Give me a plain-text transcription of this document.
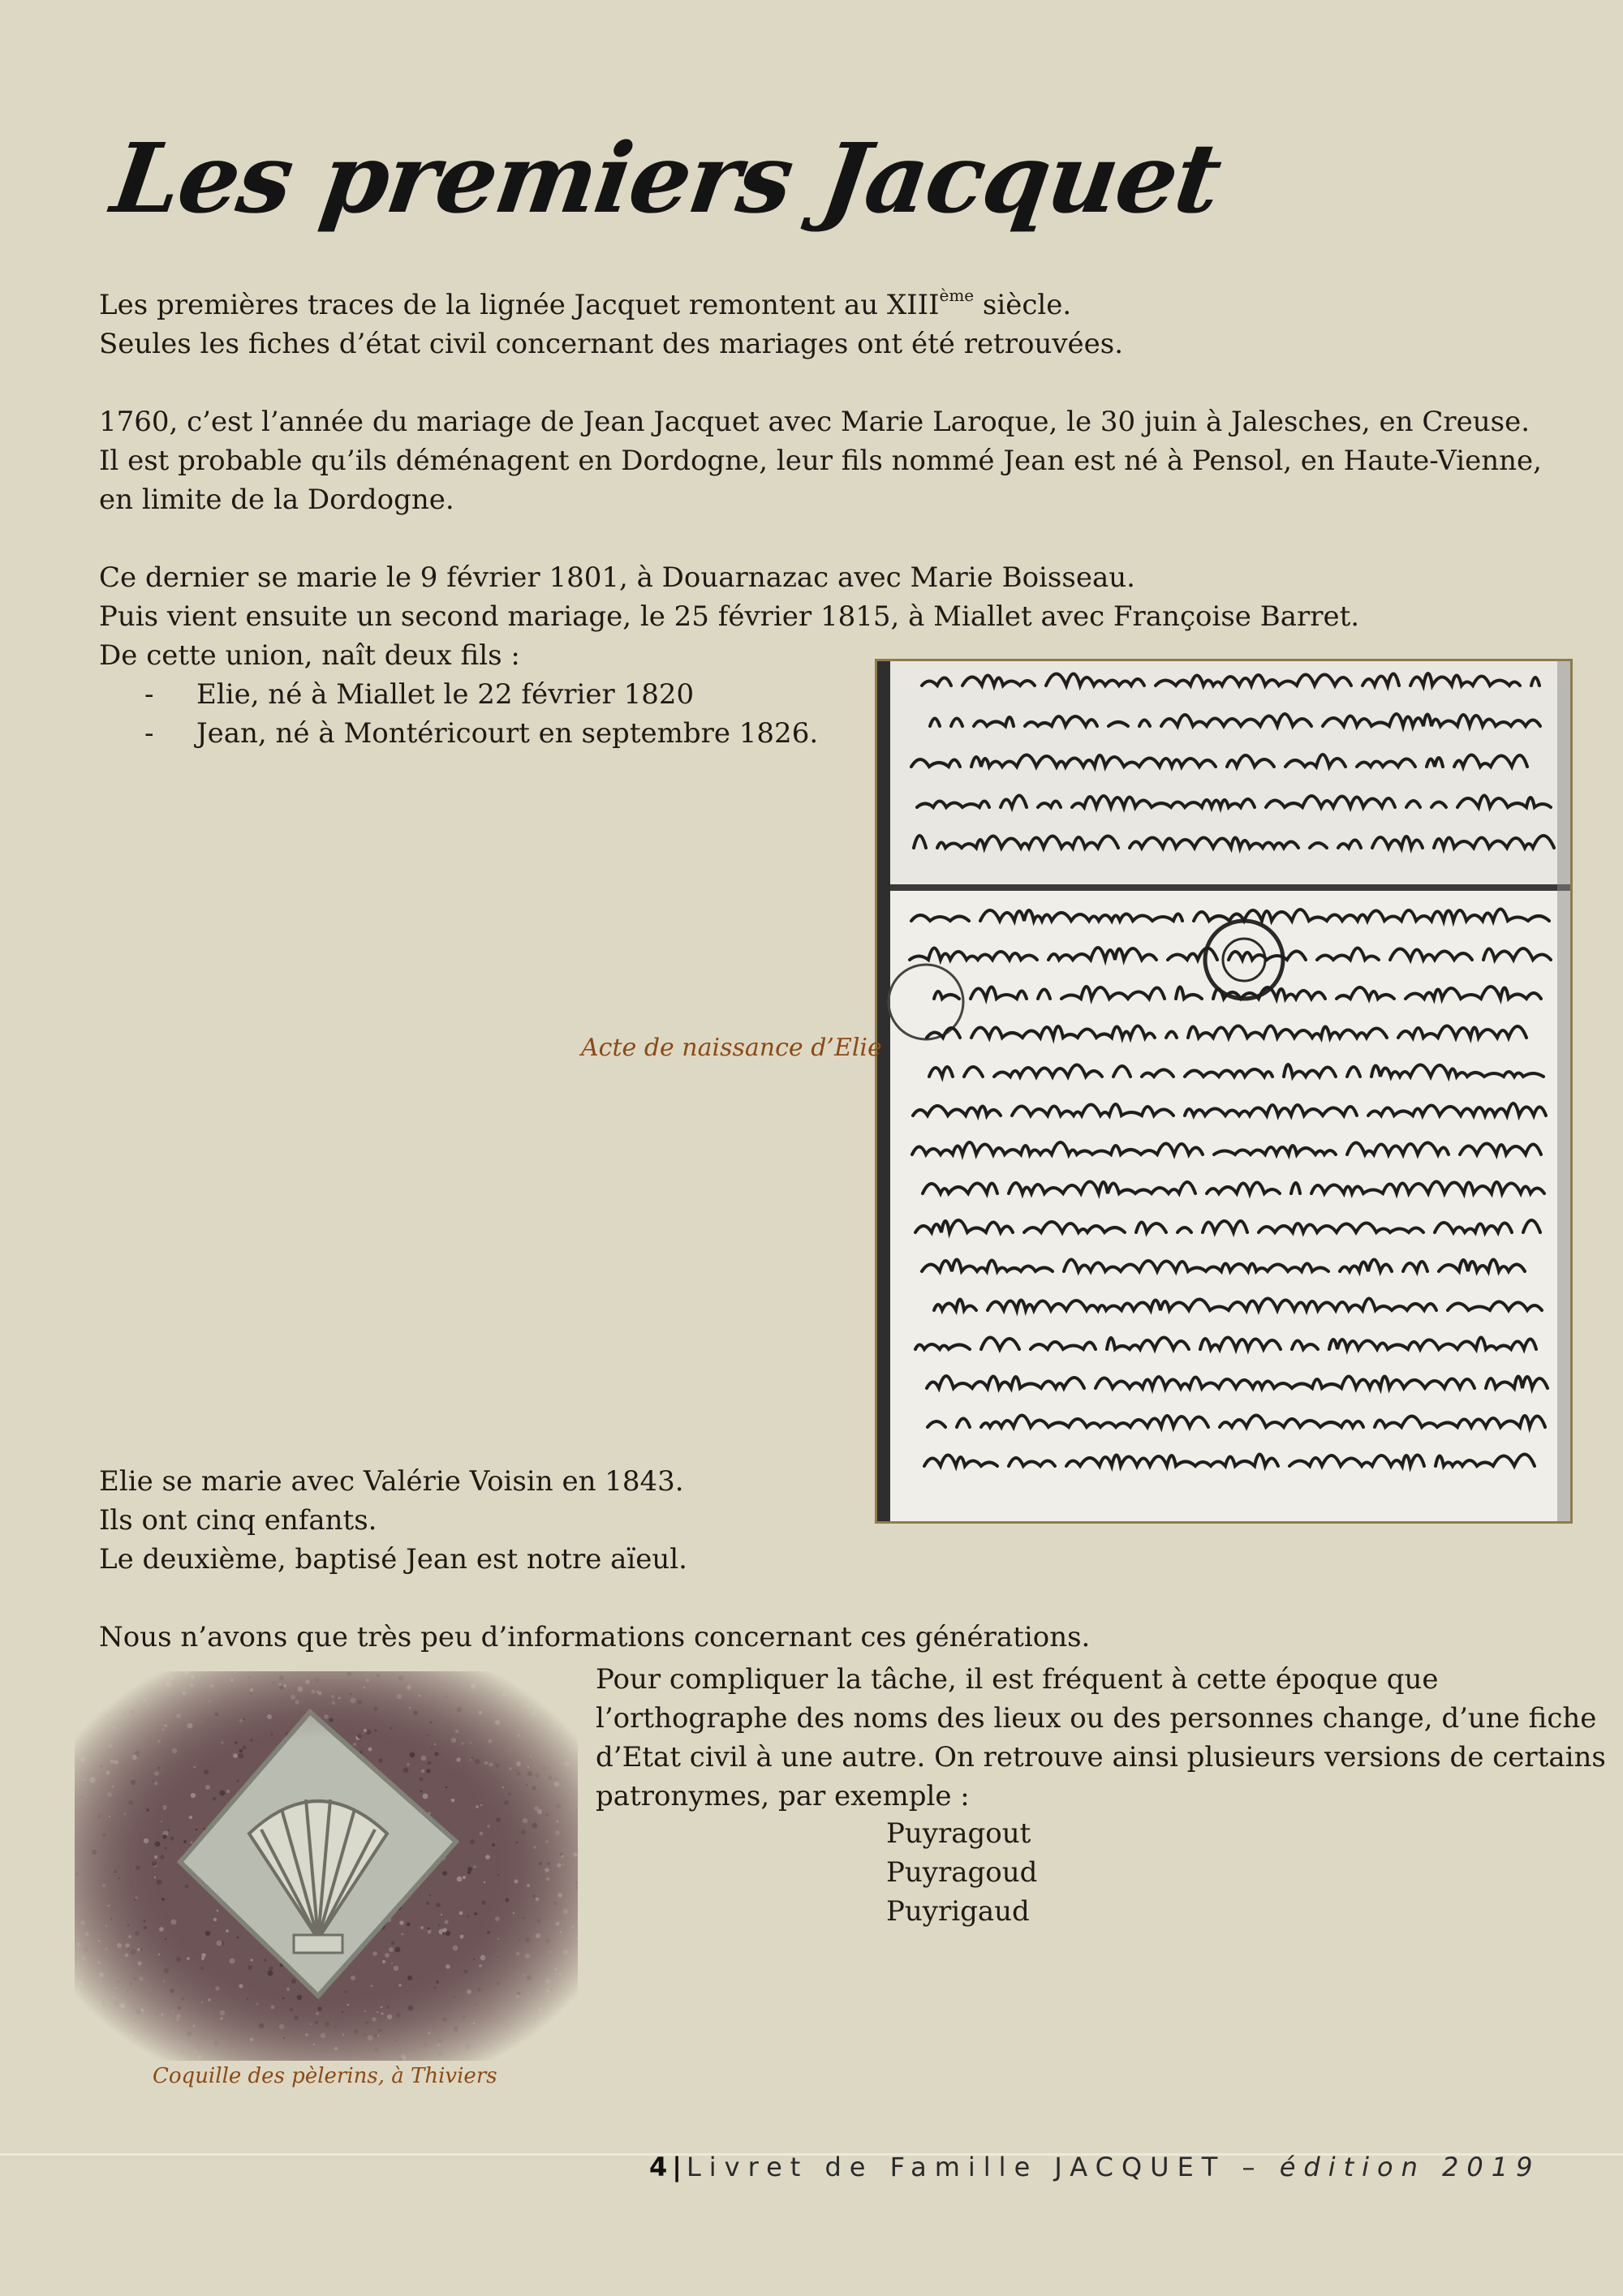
Les premiers Jacquet
Les premières traces de la lignée Jacquet remontent au XIIIème siècle.
Seules les fiches d’état civil concernant des mariages ont été retrouvées.
1760, c’est l’année du mariage de Jean Jacquet avec Marie Laroque, le 30 juin à Jalesches, en Creuse.
Il est probable qu’ils déménagent en Dordogne, leur fils nommé Jean est né à Pensol, en Haute-Vienne,
en limite de la Dordogne.
Ce dernier se marie le 9 février 1801, à Douarnazac avec Marie Boisseau.
Puis vient ensuite un second mariage, le 25 février 1815, à Miallet avec Françoise Barret.
De cette union, naît deux fils :
-	Elie, né à Miallet le 22 février 1820
-	Jean, né à Montéricourt en septembre 1826.
Acte de naissance d’Elie
Elie se marie avec Valérie Voisin en 1843.
Ils ont cinq enfants.
Le deuxième, baptisé Jean est notre aïeul.
Nous n’avons que très peu d’informations concernant ces générations.
Pour compliquer la tâche, il est fréquent à cette époque que
l’orthographe des noms des lieux ou des personnes change, d’une fiche
d’Etat civil à une autre. On retrouve ainsi plusieurs versions de certains
patronymes, par exemple :
Puyragout
Puyragoud
Puyrigaud
Coquille des pèlerins, à Thiviers
4 | Livret de Famille JACQUET – édition 2019
